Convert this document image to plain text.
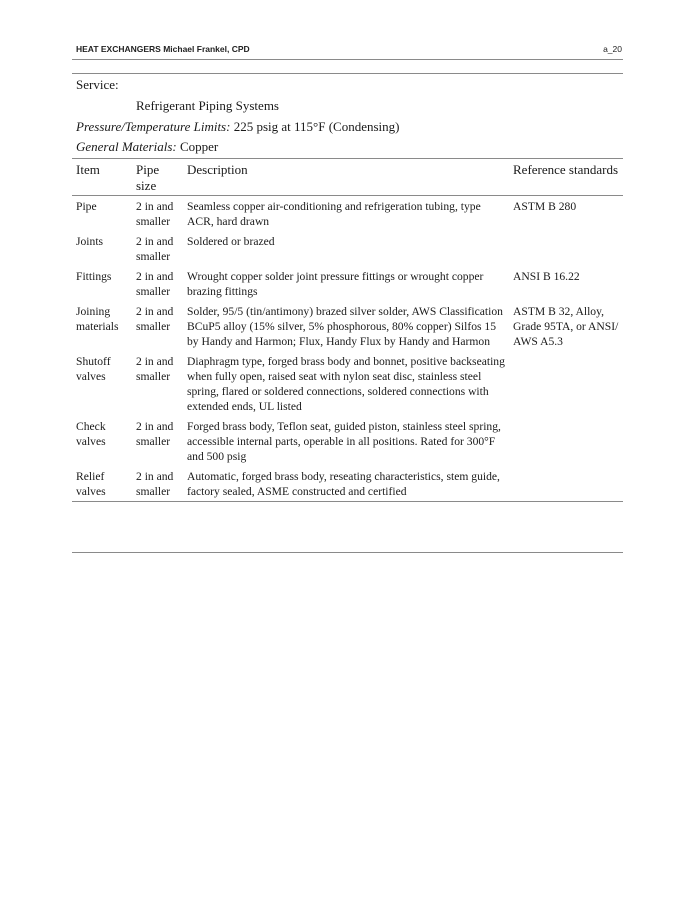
HEAT EXCHANGERS Michael Frankel, CPD	a_20
Service:
Refrigerant Piping Systems
Pressure/Temperature Limits: 225 psig at 115°F (Condensing)
General Materials: Copper
Item	Pipe size	Description	Reference standards
Pipe	2 in and smaller	Seamless copper air-conditioning and refrigeration tubing, type ACR, hard drawn	ASTM B 280
Joints	2 in and smaller	Soldered or brazed	
Fittings	2 in and smaller	Wrought copper solder joint pressure fittings or wrought copper brazing fittings	ANSI B 16.22
Joining materials	2 in and smaller	Solder, 95/5 (tin/antimony) brazed silver solder, AWS Classification BCuP5 alloy (15% silver, 5% phosphorous, 80% copper) Silfos 15 by Handy and Harmon; Flux, Handy Flux by Handy and Harmon	ASTM B 32, Alloy, Grade 95TA, or ANSI/ AWS A5.3
Shutoff valves	2 in and smaller	Diaphragm type, forged brass body and bonnet, positive backseating when fully open, raised seat with nylon seat disc, stainless steel spring, flared or soldered connections, soldered connections with extended ends, UL listed	
Check valves	2 in and smaller	Forged brass body, Teflon seat, guided piston, stainless steel spring, accessible internal parts, operable in all positions. Rated for 300°F and 500 psig	
Relief valves	2 in and smaller	Automatic, forged brass body, reseating characteristics, stem guide, factory sealed, ASME constructed and certified	
